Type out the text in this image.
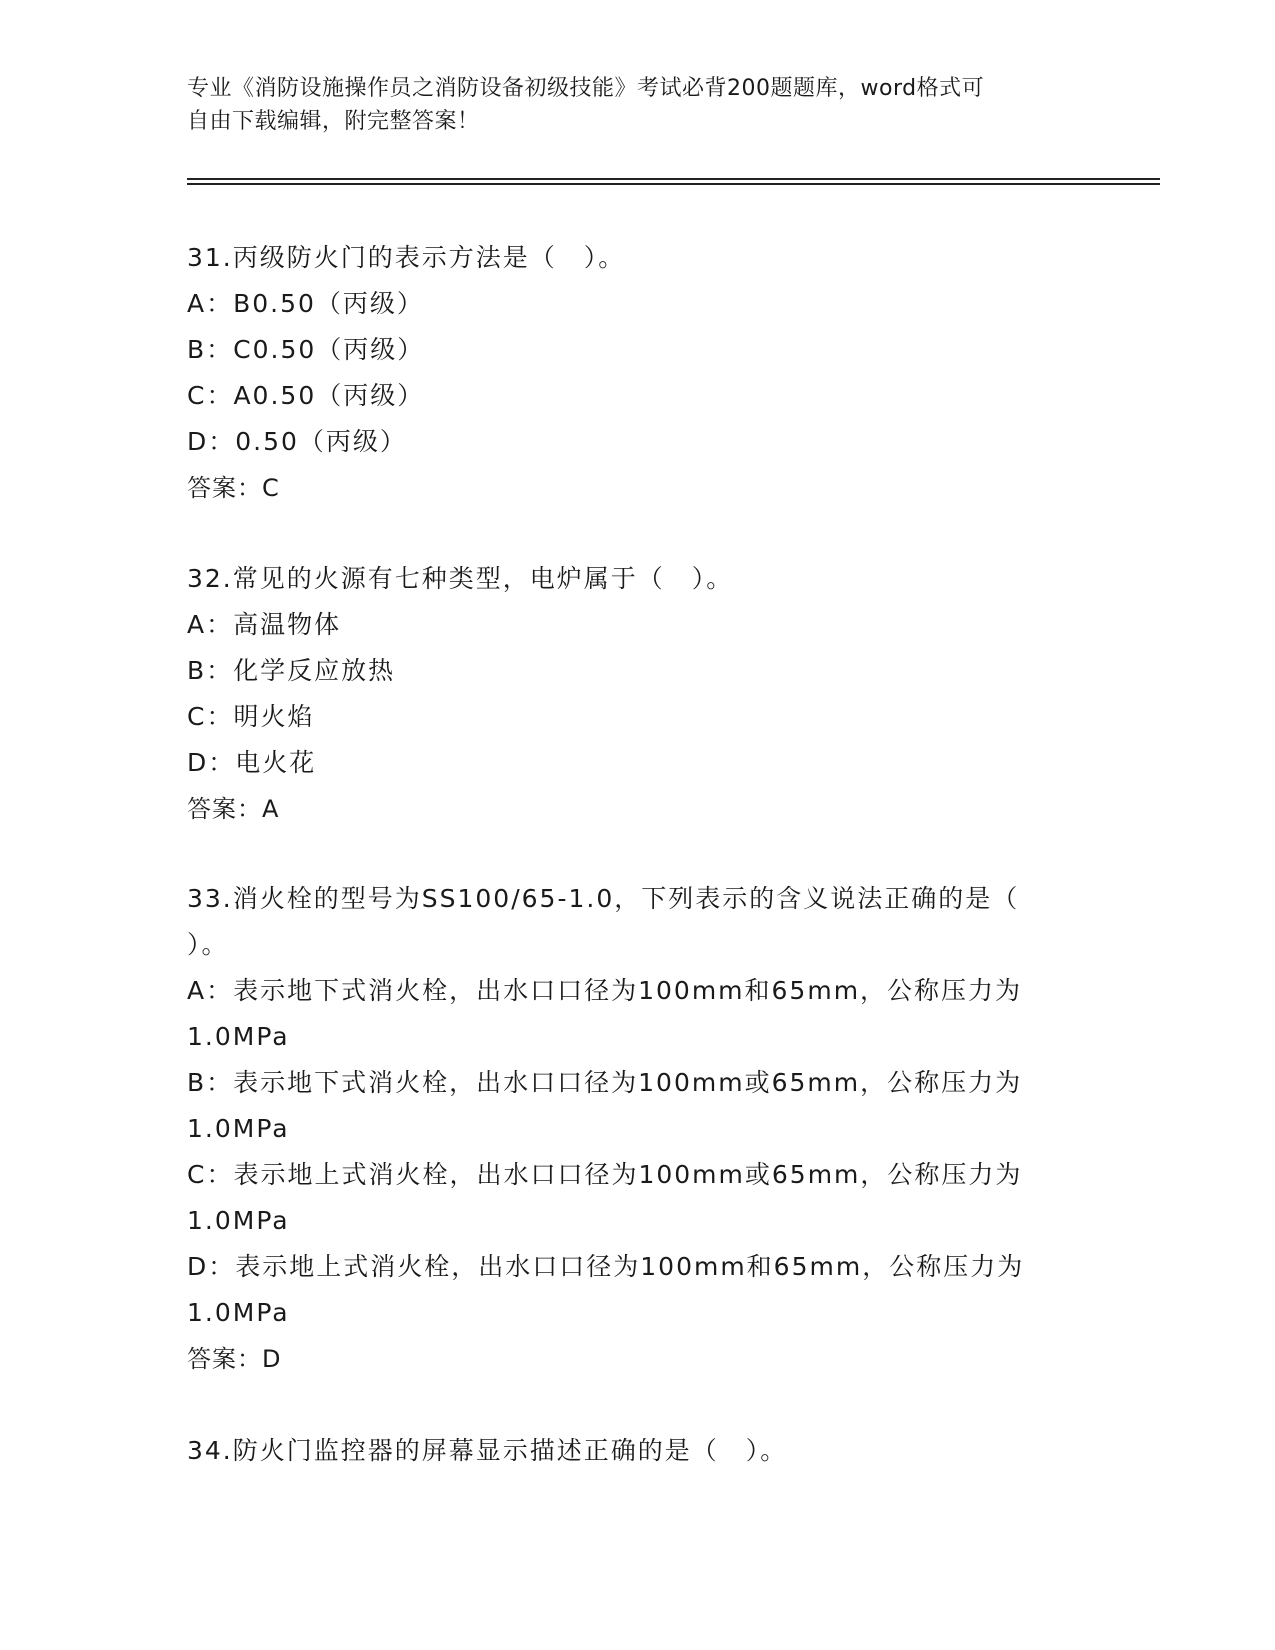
专业《消防设施操作员之消防设备初级技能》考试必背200题题库，word格式可
自由下载编辑，附完整答案！
31.丙级防火门的表示方法是（　）。
A：B0.50（丙级）
B：C0.50（丙级）
C：A0.50（丙级）
D：0.50（丙级）
答案：C
32.常见的火源有七种类型，电炉属于（　）。
A：高温物体
B：化学反应放热
C：明火焰
D：电火花
答案：A
33.消火栓的型号为SS100/65-1.0，下列表示的含义说法正确的是（
）。
A：表示地下式消火栓，出水口口径为100mm和65mm，公称压力为
1.0MPa
B：表示地下式消火栓，出水口口径为100mm或65mm，公称压力为
1.0MPa
C：表示地上式消火栓，出水口口径为100mm或65mm，公称压力为
1.0MPa
D：表示地上式消火栓，出水口口径为100mm和65mm，公称压力为
1.0MPa
答案：D
34.防火门监控器的屏幕显示描述正确的是（　）。
